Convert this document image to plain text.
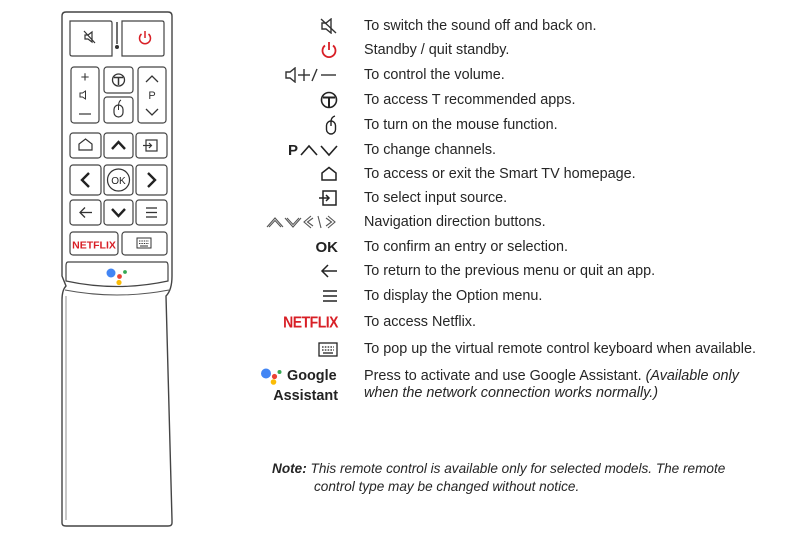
+
P
OK
NETFLIX
To switch the sound off and back on.
Standby / quit standby.
To control the volume.
To access T recommended apps.
To turn on the mouse function.
P	To change channels.
To access or exit the Smart TV homepage.
To select input source.
Navigation direction buttons.
OK To confirm an entry or selection.
To return to the previous menu or quit an app.
To display the Option menu.
NETFLIX To access Netflix.
To pop up the virtual remote control keyboard when available.
Google
Assistant
Press to activate and use Google Assistant. (Available only
when the network connection works normally.)
Note: This remote control is available only for selected models. The remote
control type may be changed without notice.
